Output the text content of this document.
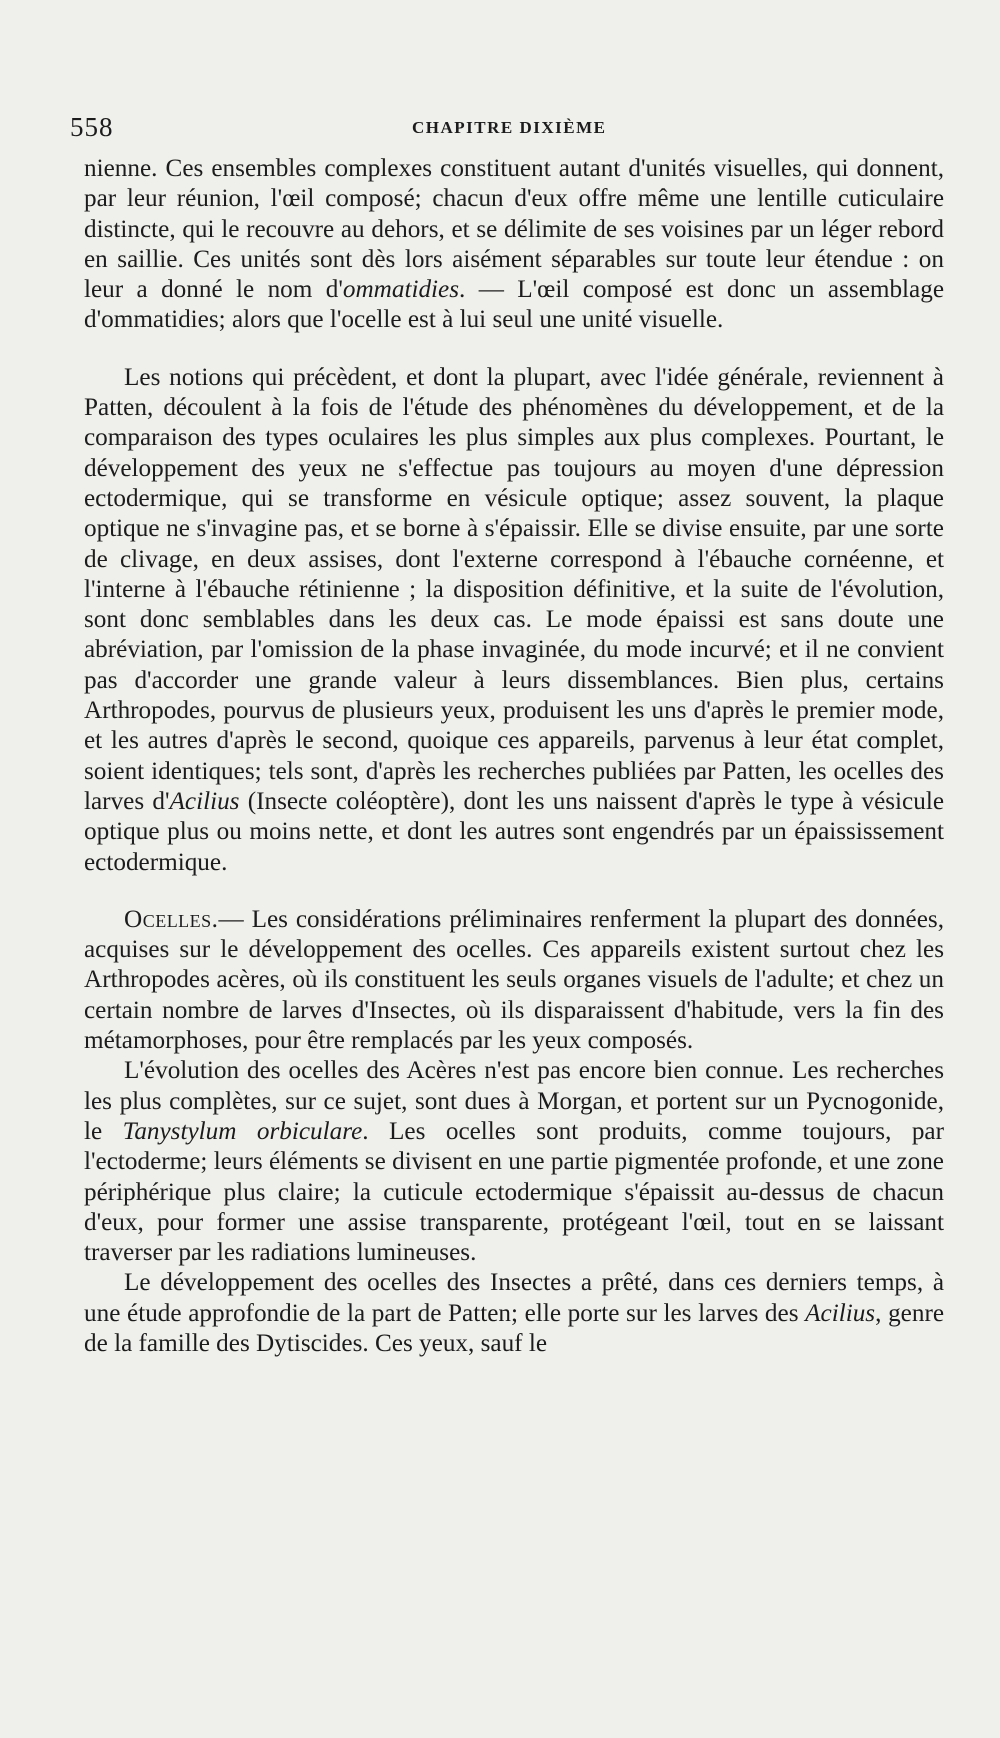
558	CHAPITRE DIXIÈME

nienne. Ces ensembles complexes constituent autant d'unités visuelles, qui donnent, par leur réunion, l'œil composé; chacun d'eux offre même une lentille cuticulaire distincte, qui le recouvre au dehors, et se délimite de ses voisines par un léger rebord en saillie. Ces unités sont dès lors aisément séparables sur toute leur étendue : on leur a donné le nom d'ommatidies. — L'œil composé est donc un assemblage d'ommatidies; alors que l'ocelle est à lui seul une unité visuelle.

Les notions qui précèdent, et dont la plupart, avec l'idée générale, reviennent à Patten, découlent à la fois de l'étude des phénomènes du développement, et de la comparaison des types oculaires les plus simples aux plus complexes. Pourtant, le développement des yeux ne s'effectue pas toujours au moyen d'une dépression ectodermique, qui se transforme en vésicule optique; assez souvent, la plaque optique ne s'invagine pas, et se borne à s'épaissir. Elle se divise ensuite, par une sorte de clivage, en deux assises, dont l'externe correspond à l'ébauche cornéenne, et l'interne à l'ébauche rétinienne ; la disposition définitive, et la suite de l'évolution, sont donc semblables dans les deux cas. Le mode épaissi est sans doute une abréviation, par l'omission de la phase invaginée, du mode incurvé; et il ne convient pas d'accorder une grande valeur à leurs dissemblances. Bien plus, certains Arthropodes, pourvus de plusieurs yeux, produisent les uns d'après le premier mode, et les autres d'après le second, quoique ces appareils, parvenus à leur état complet, soient identiques; tels sont, d'après les recherches publiées par Patten, les ocelles des larves d'Acilius (Insecte coléoptère), dont les uns naissent d'après le type à vésicule optique plus ou moins nette, et dont les autres sont engendrés par un épaississement ectodermique.

Ocelles.— Les considérations préliminaires renferment la plupart des données, acquises sur le développement des ocelles. Ces appareils existent surtout chez les Arthropodes acères, où ils constituent les seuls organes visuels de l'adulte; et chez un certain nombre de larves d'Insectes, où ils disparaissent d'habitude, vers la fin des métamorphoses, pour être remplacés par les yeux composés.

L'évolution des ocelles des Acères n'est pas encore bien connue. Les recherches les plus complètes, sur ce sujet, sont dues à Morgan, et portent sur un Pycnogonide, le Tanystylum orbiculare. Les ocelles sont produits, comme toujours, par l'ectoderme; leurs éléments se divisent en une partie pigmentée profonde, et une zone périphérique plus claire; la cuticule ectodermique s'épaissit au-dessus de chacun d'eux, pour former une assise transparente, protégeant l'œil, tout en se laissant traverser par les radiations lumineuses.

Le développement des ocelles des Insectes a prêté, dans ces derniers temps, à une étude approfondie de la part de Patten; elle porte sur les larves des Acilius, genre de la famille des Dytiscides. Ces yeux, sauf le
